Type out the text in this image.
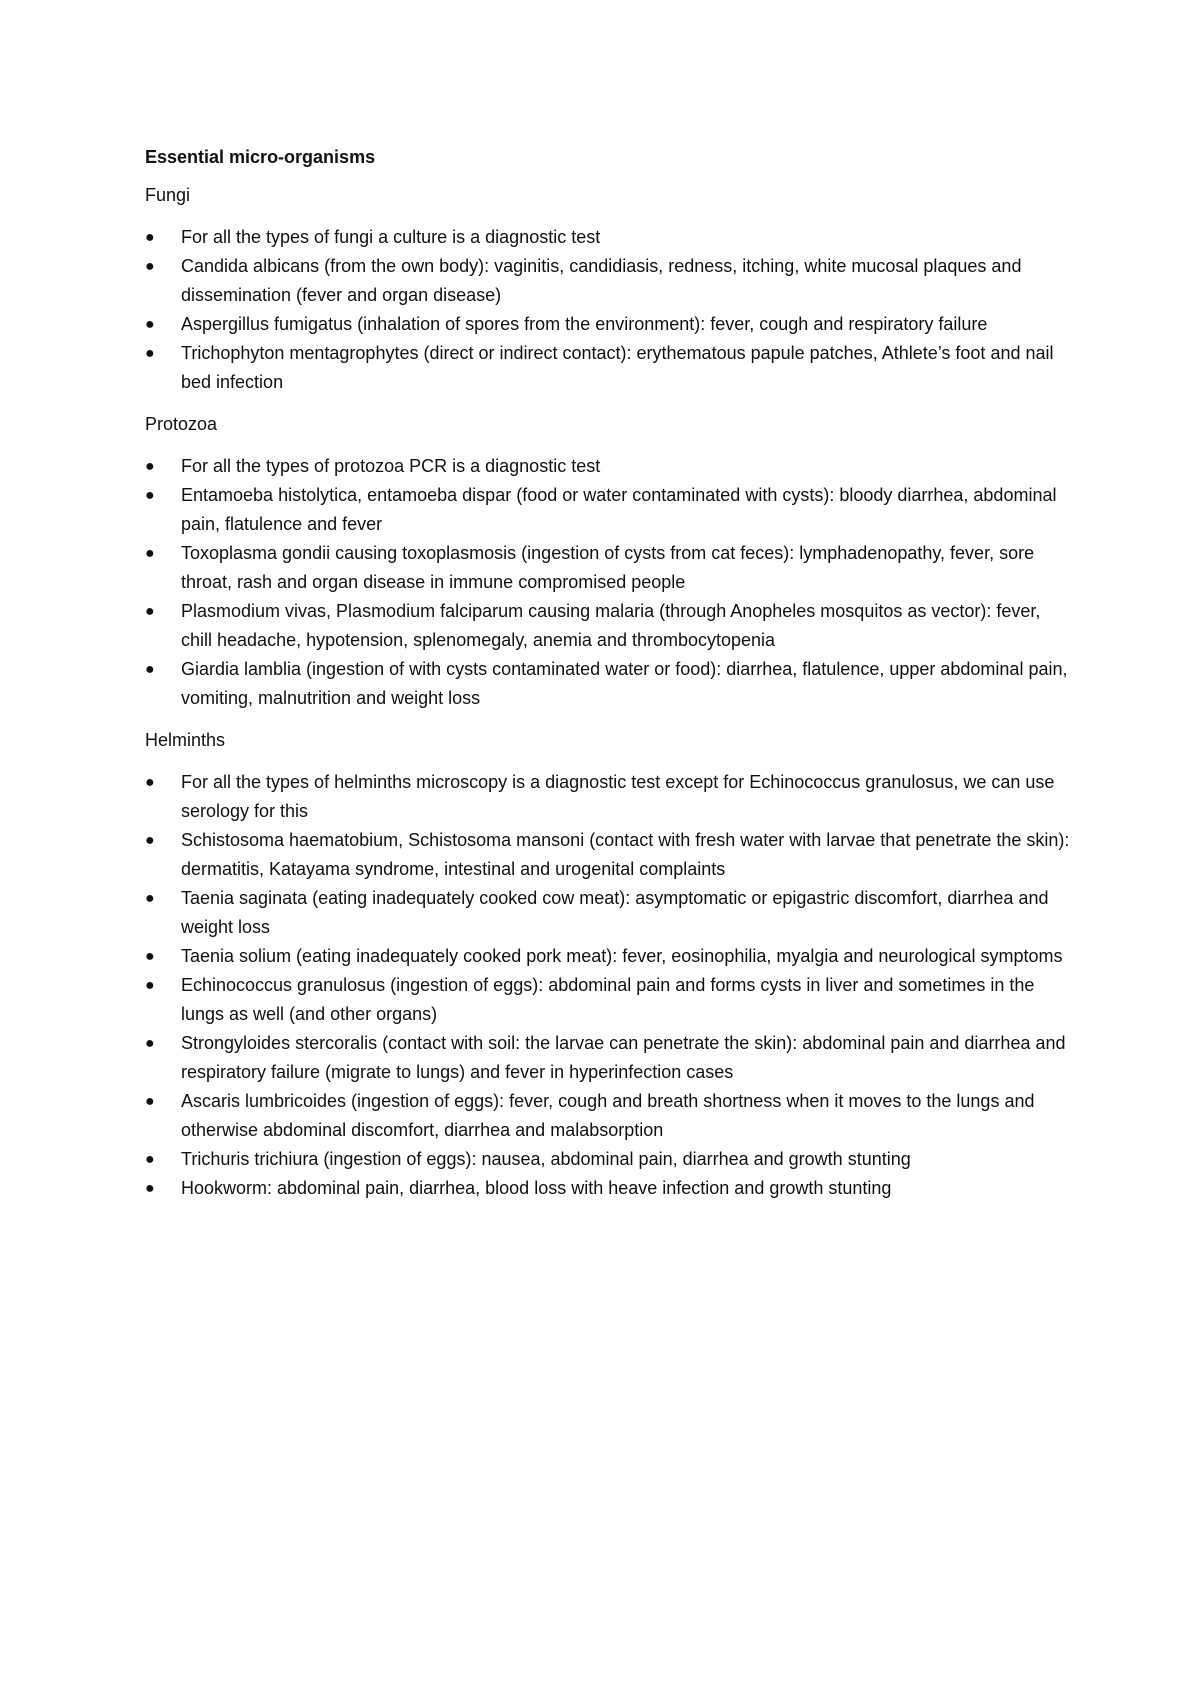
Essential micro-organisms
Fungi
●	For all the types of fungi a culture is a diagnostic test
●	Candida albicans (from the own body): vaginitis, candidiasis, redness, itching, white mucosal plaques and dissemination (fever and organ disease)
●	Aspergillus fumigatus (inhalation of spores from the environment): fever, cough and respiratory failure
●	Trichophyton mentagrophytes (direct or indirect contact): erythematous papule patches, Athlete’s foot and nail bed infection
Protozoa
●	For all the types of protozoa PCR is a diagnostic test
●	Entamoeba histolytica, entamoeba dispar (food or water contaminated with cysts): bloody diarrhea, abdominal pain, flatulence and fever
●	Toxoplasma gondii causing toxoplasmosis (ingestion of cysts from cat feces): lymphadenopathy, fever, sore throat, rash and organ disease in immune compromised people
●	Plasmodium vivas, Plasmodium falciparum causing malaria (through Anopheles mosquitos as vector): fever, chill headache, hypotension, splenomegaly, anemia and thrombocytopenia
●	Giardia lamblia (ingestion of with cysts contaminated water or food): diarrhea, flatulence, upper abdominal pain, vomiting, malnutrition and weight loss
Helminths
●	For all the types of helminths microscopy is a diagnostic test except for Echinococcus granulosus, we can use serology for this
●	Schistosoma haematobium, Schistosoma mansoni (contact with fresh water with larvae that penetrate the skin): dermatitis, Katayama syndrome, intestinal and urogenital complaints
●	Taenia saginata (eating inadequately cooked cow meat): asymptomatic or epigastric discomfort, diarrhea and weight loss
●	Taenia solium (eating inadequately cooked pork meat): fever, eosinophilia, myalgia and neurological symptoms
●	Echinococcus granulosus (ingestion of eggs): abdominal pain and forms cysts in liver and sometimes in the lungs as well (and other organs)
●	Strongyloides stercoralis (contact with soil: the larvae can penetrate the skin): abdominal pain and diarrhea and respiratory failure (migrate to lungs) and fever in hyperinfection cases
●	Ascaris lumbricoides (ingestion of eggs): fever, cough and breath shortness when it moves to the lungs and otherwise abdominal discomfort, diarrhea and malabsorption
●	Trichuris trichiura (ingestion of eggs): nausea, abdominal pain, diarrhea and growth stunting
●	Hookworm: abdominal pain, diarrhea, blood loss with heave infection and growth stunting
